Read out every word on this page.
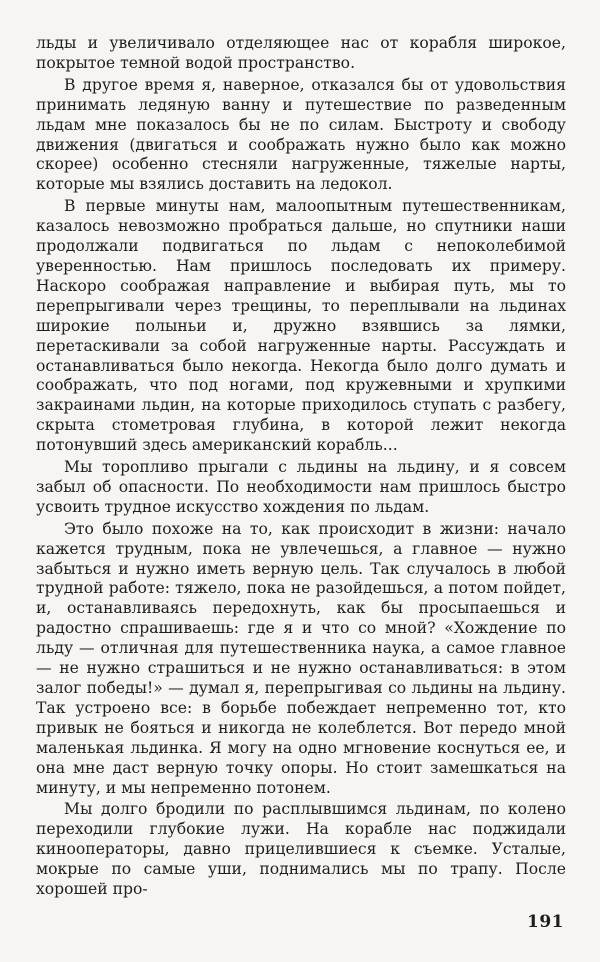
льды и увеличивало отделяющее нас от корабля широкое, покрытое темной водой пространство.

В другое время я, наверное, отказался бы от удовольствия принимать ледяную ванну и путешествие по разведенным льдам мне показалось бы не по силам. Быстроту и свободу движения (двигаться и соображать нужно было как можно скорее) особенно стесняли нагруженные, тяжелые нарты, которые мы взялись доставить на ледокол.

В первые минуты нам, малоопытным путешественникам, казалось невозможно пробраться дальше, но спутники наши продолжали подвигаться по льдам с непоколебимой уверенностью. Нам пришлось последовать их примеру. Наскоро соображая направление и выбирая путь, мы то перепрыгивали через трещины, то переплывали на льдинах широкие полыньи и, дружно взявшись за лямки, перетаскивали за собой нагруженные нарты. Рассуждать и останавливаться было некогда. Некогда было долго думать и соображать, что под ногами, под кружевными и хрупкими закраинами льдин, на которые приходилось ступать с разбегу, скрыта стометровая глубина, в которой лежит некогда потонувший здесь американский корабль...

Мы торопливо прыгали с льдины на льдину, и я совсем забыл об опасности. По необходимости нам пришлось быстро усвоить трудное искусство хождения по льдам.

Это было похоже на то, как происходит в жизни: начало кажется трудным, пока не увлечешься, а главное — нужно забыться и нужно иметь верную цель. Так случалось в любой трудной работе: тяжело, пока не разойдешься, а потом пойдет, и, останавливаясь передохнуть, как бы просыпаешься и радостно спрашиваешь: где я и что со мной? «Хождение по льду — отличная для путешественника наука, а самое главное — не нужно страшиться и не нужно останавливаться: в этом залог победы!» — думал я, перепрыгивая со льдины на льдину. Так устроено все: в борьбе побеждает непременно тот, кто привык не бояться и никогда не колеблется. Вот передо мной маленькая льдинка. Я могу на одно мгновение коснуться ее, и она мне даст верную точку опоры. Но стоит замешкаться на минуту, и мы непременно потонем.

Мы долго бродили по расплывшимся льдинам, по колено переходили глубокие лужи. На корабле нас поджидали кинооператоры, давно прицелившиеся к съемке. Усталые, мокрые по самые уши, поднимались мы по трапу. После хорошей про-

191
